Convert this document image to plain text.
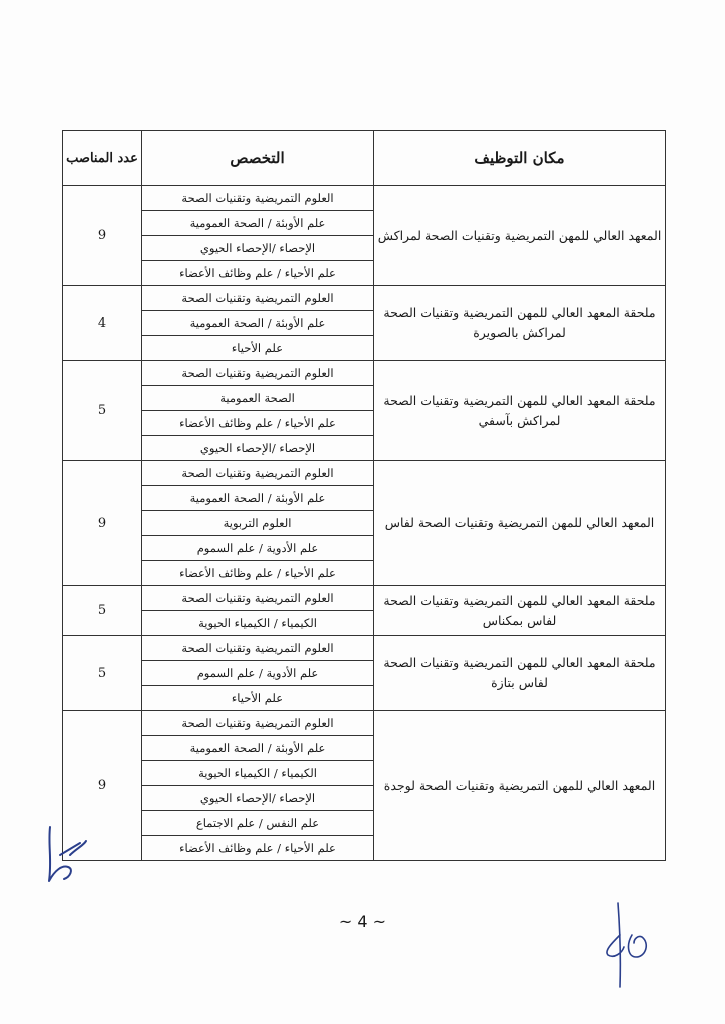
مكان التوظيف	التخصص	عدد المناصب
المعهد العالي للمهن التمريضية وتقنيات الصحة لمراكش	العلوم التمريضية وتقنيات الصحة	9
	علم الأوبئة / الصحة العمومية	
	الإحصاء /الإحصاء الحيوي	
	علم الأحياء / علم وظائف الأعضاء	
ملحقة المعهد العالي للمهن التمريضية وتقنيات الصحة لمراكش بالصويرة	العلوم التمريضية وتقنيات الصحة	4
	علم الأوبئة / الصحة العمومية	
	علم الأحياء	
ملحقة المعهد العالي للمهن التمريضية وتقنيات الصحة لمراكش بآسفي	العلوم التمريضية وتقنيات الصحة	5
	الصحة العمومية	
	علم الأحياء / علم وظائف الأعضاء	
	الإحصاء /الإحصاء الحيوي	
المعهد العالي للمهن التمريضية وتقنيات الصحة لفاس	العلوم التمريضية وتقنيات الصحة	9
	علم الأوبئة / الصحة العمومية	
	العلوم التربوية	
	علم الأدوية / علم السموم	
	علم الأحياء / علم وظائف الأعضاء	
ملحقة المعهد العالي للمهن التمريضية وتقنيات الصحة لفاس بمكناس	العلوم التمريضية وتقنيات الصحة	5
	الكيمياء / الكيمياء الحيوية	
ملحقة المعهد العالي للمهن التمريضية وتقنيات الصحة لفاس بتازة	العلوم التمريضية وتقنيات الصحة	5
	علم الأدوية / علم السموم	
	علم الأحياء	
المعهد العالي للمهن التمريضية وتقنيات الصحة لوجدة	العلوم التمريضية وتقنيات الصحة	9
	علم الأوبئة / الصحة العمومية	
	الكيمياء / الكيمياء الحيوية	
	الإحصاء /الإحصاء الحيوي	
	علم النفس / علم الاجتماع	
	علم الأحياء / علم وظائف الأعضاء	
~ 4 ~
